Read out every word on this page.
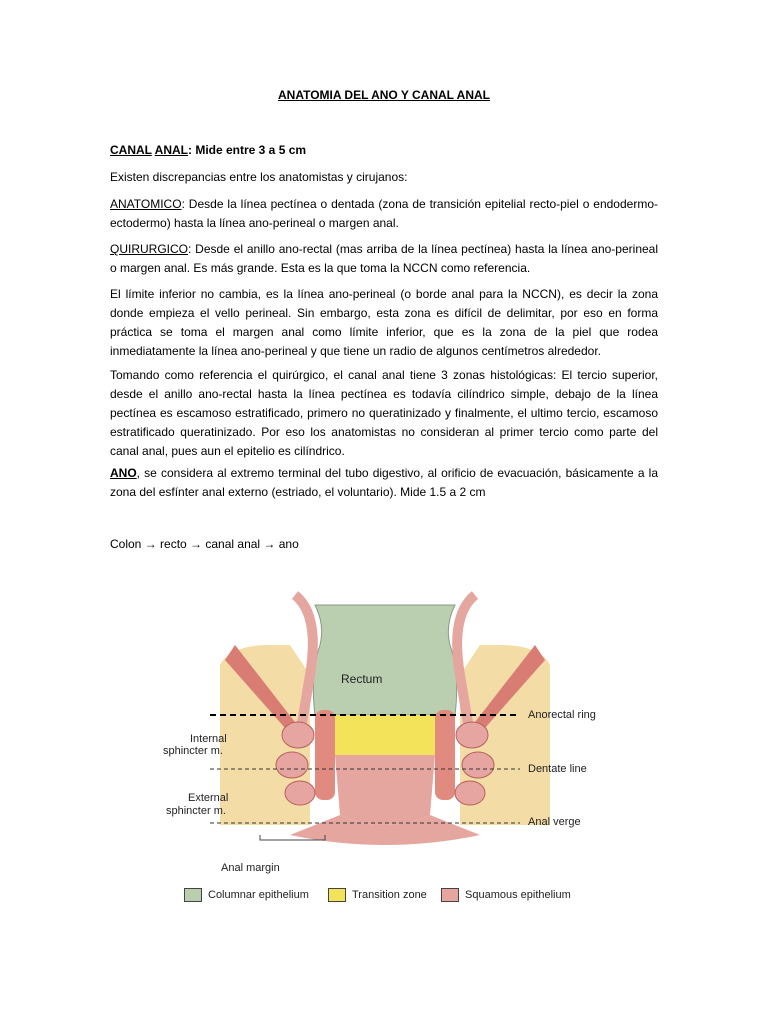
ANATOMIA DEL ANO Y CANAL ANAL
CANAL ANAL: Mide entre 3 a 5 cm
Existen discrepancias entre los anatomistas y cirujanos:
ANATOMICO: Desde la línea pectínea o dentada (zona de transición epitelial recto-piel o endodermo-ectodermo) hasta la línea ano-perineal o margen anal.
QUIRURGICO: Desde el anillo ano-rectal (mas arriba de la línea pectínea) hasta la línea ano-perineal o margen anal. Es más grande. Esta es la que toma la NCCN como referencia.
El límite inferior no cambia, es la línea ano-perineal (o borde anal para la NCCN), es decir la zona donde empieza el vello perineal. Sin embargo, esta zona es difícil de delimitar, por eso en forma práctica se toma el margen anal como límite inferior, que es la zona de la piel que rodea inmediatamente la línea ano-perineal y que tiene un radio de algunos centímetros alrededor.
Tomando como referencia el quirúrgico, el canal anal tiene 3 zonas histológicas: El tercio superior, desde el anillo ano-rectal hasta la línea pectínea es todavía cilíndrico simple, debajo de la línea pectínea es escamoso estratificado, primero no queratinizado y finalmente, el ultimo tercio, escamoso estratificado queratinizado. Por eso los anatomistas no consideran al primer tercio como parte del canal anal, pues aun el epitelio es cilíndrico.
ANO, se considera al extremo terminal del tubo digestivo, al orificio de evacuación, básicamente a la zona del esfínter anal externo (estriado, el voluntario). Mide 1.5 a 2 cm
Colon → recto → canal anal → ano
Rectum
Anorectal ring
Dentate line
Anal verge
Internal
sphincter m.
External
sphincter m.
Anal margin
Columnar epithelium	Transition zone	Squamous epithelium
